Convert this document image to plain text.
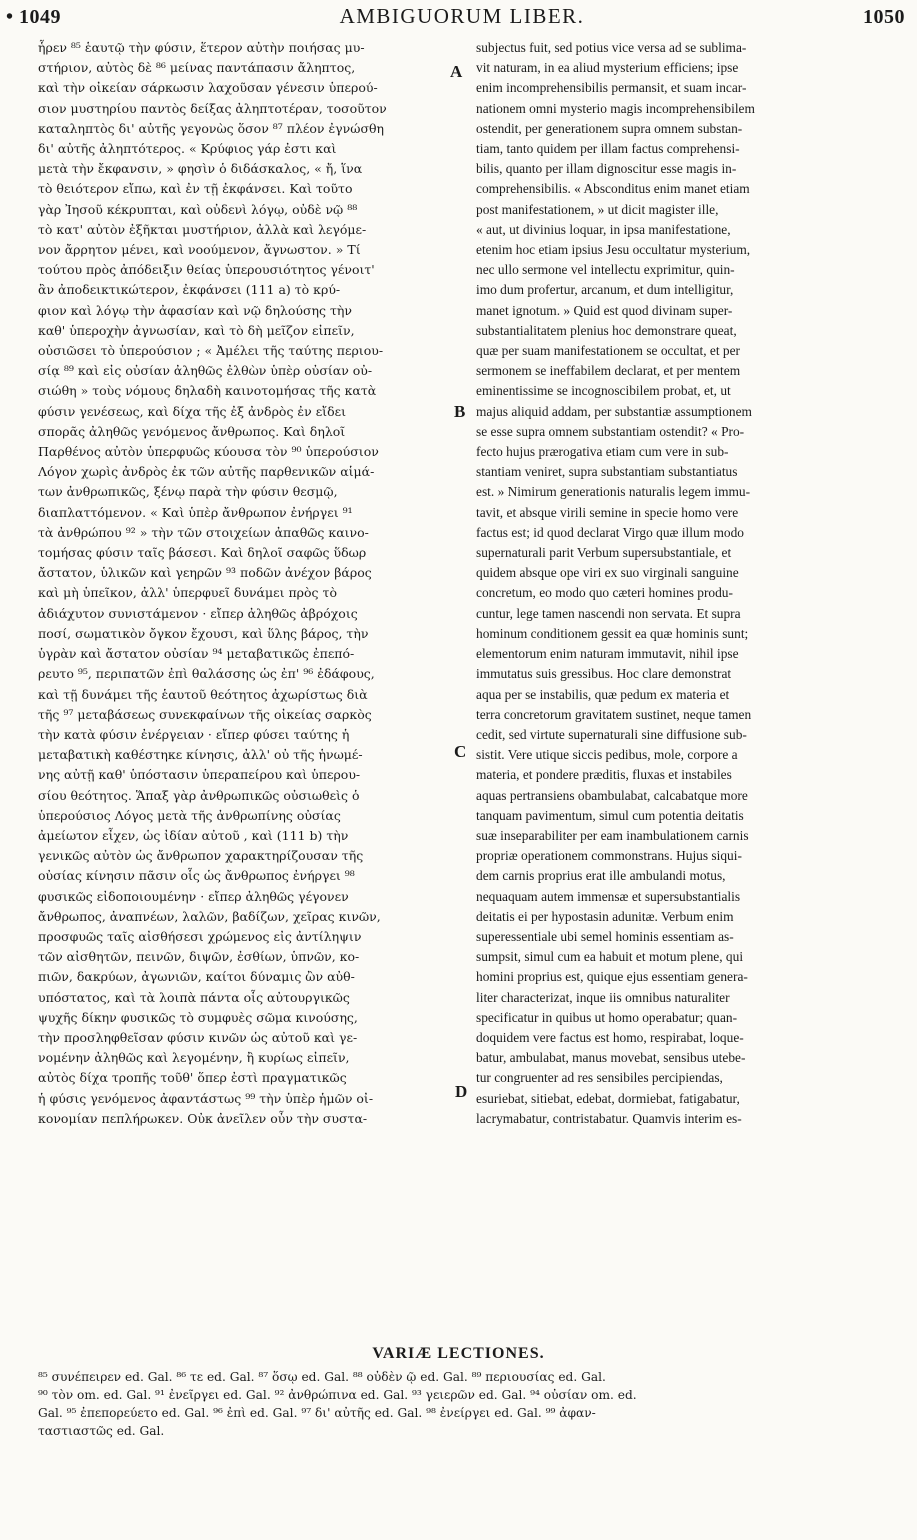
• 1049	AMBIGUORUM LIBER.	1050
ἧρεν ⁸⁵ ἑαυτῷ τὴν φύσιν, ἕτερον αὐτὴν ποιήσας μυ-
στήριον, αὐτὸς δὲ ⁸⁶ μείνας παντάπασιν ἄληπτος,
καὶ τὴν οἰκείαν σάρκωσιν λαχοῦσαν γένεσιν ὑπερού-
σιον μυστηρίου παντὸς δείξας ἀληπτοτέραν, τοσοῦτον
καταληπτὸς δι' αὐτῆς γεγονὼς ὅσον ⁸⁷ πλέον ἐγνώσθη
δι' αὐτῆς ἀληπτότερος. « Κρύφιος γάρ ἐστι καὶ
μετὰ τὴν ἔκφανσιν, » φησὶν ὁ διδάσκαλος, « ἤ, ἵνα
τὸ θειότερον εἴπω, καὶ ἐν τῇ ἐκφάνσει. Καὶ τοῦτο
γὰρ Ἰησοῦ κέκρυπται, καὶ οὐδενὶ λόγῳ, οὐδὲ νῷ ⁸⁸
τὸ κατ' αὐτὸν ἐξῆκται μυστήριον, ἀλλὰ καὶ λεγόμε-
νον ἄρρητον μένει, καὶ νοούμενον, ἄγνωστον. » Τί
τούτου πρὸς ἀπόδειξιν θείας ὑπερουσιότητος γένοιτ'
ἂν ἀποδεικτικώτερον, ἐκφάνσει (111 a) τὸ κρύ-
φιον καὶ λόγῳ τὴν ἀφασίαν καὶ νῷ δηλούσης τὴν
καθ' ὑπεροχὴν ἀγνωσίαν, καὶ τὸ δὴ μεῖζον εἰπεῖν,
οὐσιῶσει τὸ ὑπερούσιον ; « Ἀμέλει τῆς ταύτης περιου-
σίᾳ ⁸⁹ καὶ εἰς οὐσίαν ἀληθῶς ἐλθὼν ὑπὲρ οὐσίαν οὐ-
σιώθη » τοὺς νόμους δηλαδὴ καινοτομήσας τῆς κατὰ
φύσιν γενέσεως, καὶ δίχα τῆς ἐξ ἀνδρὸς ἐν εἴδει
σπορᾶς ἀληθῶς γενόμενος ἄνθρωπος. Καὶ δηλοῖ
Παρθένος αὐτὸν ὑπερφυῶς κύουσα τὸν ⁹⁰ ὑπερούσιον
Λόγον χωρὶς ἀνδρὸς ἐκ τῶν αὐτῆς παρθενικῶν αἱμά-
των ἀνθρωπικῶς, ξένῳ παρὰ τὴν φύσιν θεσμῷ,
διαπλαττόμενον. « Καὶ ὑπὲρ ἄνθρωπον ἐνήργει ⁹¹
τὰ ἀνθρώπου ⁹² » τὴν τῶν στοιχείων ἀπαθῶς καινο-
τομήσας φύσιν ταῖς βάσεσι. Καὶ δηλοῖ σαφῶς ὕδωρ
ἄστατον, ὑλικῶν καὶ γεηρῶν ⁹³ ποδῶν ἀνέχον βάρος
καὶ μὴ ὑπεῖκον, ἀλλ' ὑπερφυεῖ δυνάμει πρὸς τὸ
ἀδιάχυτον συνιστάμενον · εἴπερ ἀληθῶς ἀβρόχοις
ποσί, σωματικὸν ὄγκον ἔχουσι, καὶ ὕλης βάρος, τὴν
ὑγρὰν καὶ ἄστατον οὐσίαν ⁹⁴ μεταβατικῶς ἐπεπό-
ρευτο ⁹⁵, περιπατῶν ἐπὶ θαλάσσης ὡς ἐπ' ⁹⁶ ἐδάφους,
καὶ τῇ δυνάμει τῆς ἑαυτοῦ θεότητος ἀχωρίστως διὰ
τῆς ⁹⁷ μεταβάσεως συνεκφαίνων τῆς οἰκείας σαρκὸς
τὴν κατὰ φύσιν ἐνέργειαν · εἴπερ φύσει ταύτης ἡ
μεταβατικὴ καθέστηκε κίνησις, ἀλλ' οὐ τῆς ἡνωμέ-
νης αὐτῇ καθ' ὑπόστασιν ὑπεραπείρου καὶ ὑπερου-
σίου θεότητος. Ἅπαξ γὰρ ἀνθρωπικῶς οὐσιωθεὶς ὁ
ὑπερούσιος Λόγος μετὰ τῆς ἀνθρωπίνης οὐσίας
ἀμείωτον εἶχεν, ὡς ἰδίαν αὐτοῦ , καὶ (111 b) τὴν
γενικῶς αὐτὸν ὡς ἄνθρωπον χαρακτηρίζουσαν τῆς
οὐσίας κίνησιν πᾶσιν οἷς ὡς ἄνθρωπος ἐνήργει ⁹⁸
φυσικῶς εἰδοποιουμένην · εἴπερ ἀληθῶς γέγονεν
ἄνθρωπος, ἀναπνέων, λαλῶν, βαδίζων, χεῖρας κινῶν,
προσφυῶς ταῖς αἰσθήσεσι χρώμενος εἰς ἀντίληψιν
τῶν αἰσθητῶν, πεινῶν, διψῶν, ἐσθίων, ὑπνῶν, κο-
πιῶν, δακρύων, ἀγωνιῶν, καίτοι δύναμις ὢν αὐθ-
υπόστατος, καὶ τὰ λοιπὰ πάντα οἷς αὐτουργικῶς
ψυχῆς δίκην φυσικῶς τὸ συμφυὲς σῶμα κινούσης,
τὴν προσληφθεῖσαν φύσιν κινῶν ὡς αὐτοῦ καὶ γε-
νομένην ἀληθῶς καὶ λεγομένην, ἢ κυρίως εἰπεῖν,
αὐτὸς δίχα τροπῆς τοῦθ' ὅπερ ἐστὶ πραγματικῶς
ἡ φύσις γενόμενος ἀφαντάστως ⁹⁹ τὴν ὑπὲρ ἡμῶν οἰ-
κονομίαν πεπλήρωκεν. Οὐκ ἀνεῖλεν οὖν τὴν συστα-
A
B
C
D
subjectus fuit, sed potius vice versa ad se sublima-
vit naturam, in ea aliud mysterium efficiens; ipse
enim incomprehensibilis permansit, et suam incar-
nationem omni mysterio magis incomprehensibilem
ostendit, per generationem supra omnem substan-
tiam, tanto quidem per illam factus comprehensi-
bilis, quanto per illam dignoscitur esse magis in-
comprehensibilis. « Absconditus enim manet etiam
post manifestationem, » ut dicit magister ille,
« aut, ut divinius loquar, in ipsa manifestatione,
etenim hoc etiam ipsius Jesu occultatur mysterium,
nec ullo sermone vel intellectu exprimitur, quin-
imo dum profertur, arcanum, et dum intelligitur,
manet ignotum. » Quid est quod divinam super-
substantialitatem plenius hoc demonstrare queat,
quæ per suam manifestationem se occultat, et per
sermonem se ineffabilem declarat, et per mentem
eminentissime se incognoscibilem probat, et, ut
majus aliquid addam, per substantiæ assumptionem
se esse supra omnem substantiam ostendit? « Pro-
fecto hujus prærogativa etiam cum vere in sub-
stantiam veniret, supra substantiam substantiatus
est. » Nimirum generationis naturalis legem immu-
tavit, et absque virili semine in specie homo vere
factus est; id quod declarat Virgo quæ illum modo
supernaturali parit Verbum supersubstantiale, et
quidem absque ope viri ex suo virginali sanguine
concretum, eo modo quo cæteri homines produ-
cuntur, lege tamen nascendi non servata. Et supra
hominum conditionem gessit ea quæ hominis sunt;
elementorum enim naturam immutavit, nihil ipse
immutatus suis gressibus. Hoc clare demonstrat
aqua per se instabilis, quæ pedum ex materia et
terra concretorum gravitatem sustinet, neque tamen
cedit, sed virtute supernaturali sine diffusione sub-
sistit. Vere utique siccis pedibus, mole, corpore a
materia, et pondere præditis, fluxas et instabiles
aquas pertransiens obambulabat, calcabatque more
tanquam pavimentum, simul cum potentia deitatis
suæ inseparabiliter per eam inambulationem carnis
propriæ operationem commonstrans. Hujus siqui-
dem carnis proprius erat ille ambulandi motus,
nequaquam autem immensæ et supersubstantialis
deitatis ei per hypostasin adunitæ. Verbum enim
superessentiale ubi semel hominis essentiam as-
sumpsit, simul cum ea habuit et motum plene, qui
homini proprius est, quique ejus essentiam genera-
liter characterizat, inque iis omnibus naturaliter
specificatur in quibus ut homo operabatur; quan-
doquidem vere factus est homo, respirabat, loque-
batur, ambulabat, manus movebat, sensibus utebe-
tur congruenter ad res sensibiles percipiendas,
esuriebat, sitiebat, edebat, dormiebat, fatigabatur,
lacrymabatur, contristabatur. Quamvis interim es-
VARIÆ LECTIONES.
⁸⁵ συνέπειρεν ed. Gal. ⁸⁶ τε ed. Gal. ⁸⁷ ὅσῳ ed. Gal. ⁸⁸ οὐδὲν ῷ ed. Gal. ⁸⁹ περιουσίας ed. Gal.
⁹⁰ τὸν om. ed. Gal. ⁹¹ ἐνεῖργει ed. Gal. ⁹² ἀνθρώπινα ed. Gal. ⁹³ γειερῶν ed. Gal. ⁹⁴ οὐσίαν om. ed.
Gal. ⁹⁵ ἐπεπορεύετο ed. Gal. ⁹⁶ ἐπὶ ed. Gal. ⁹⁷ δι' αὐτῆς ed. Gal. ⁹⁸ ἐνείργει ed. Gal. ⁹⁹ ἀφαν-
ταστιαστῶς ed. Gal.
